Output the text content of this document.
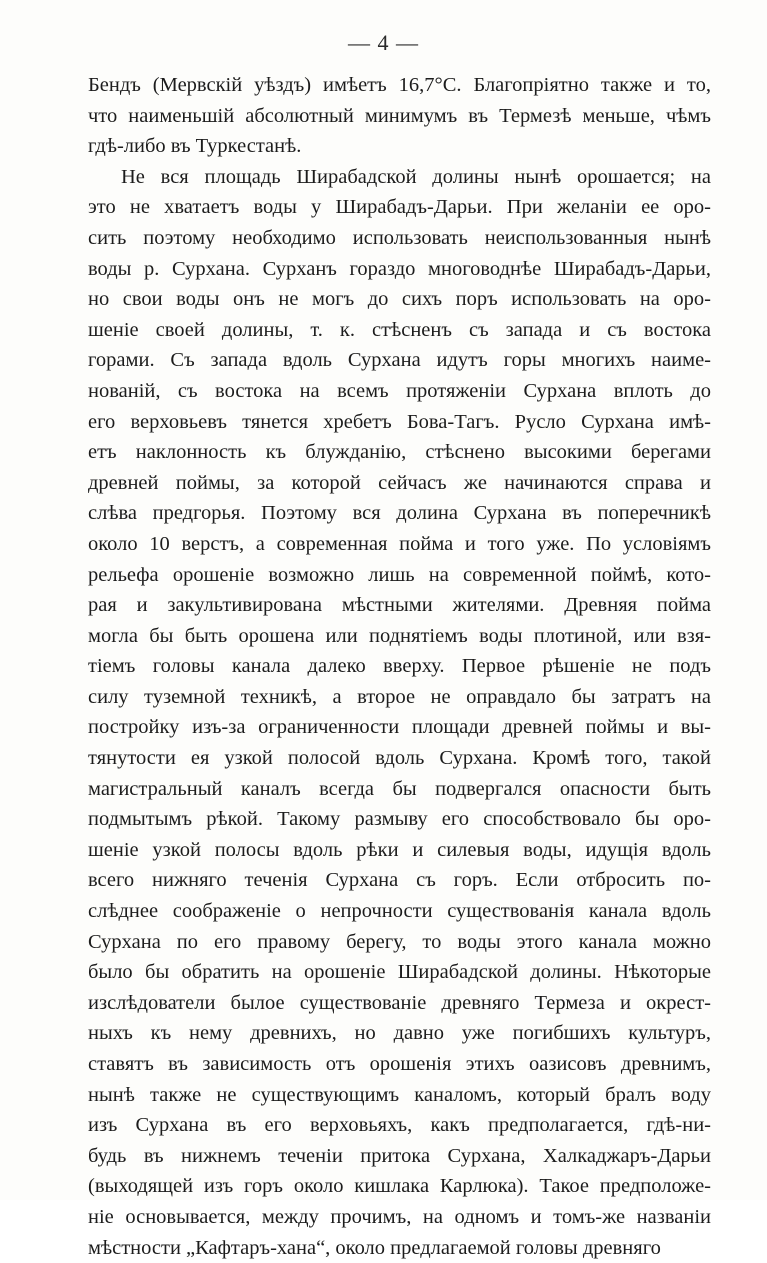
— 4 —
Бендъ (Мервскій уѣздъ) имѣетъ 16,7°С. Благопріятно также и то,
что наименьшій абсолютный минимумъ въ Термезѣ меньше, чѣмъ
гдѣ-либо въ Туркестанѣ.
Не вся площадь Ширабадской долины нынѣ орошается; на
это не хватаетъ воды у Ширабадъ-Дарьи. При желаніи ее оро-
сить поэтому необходимо использовать неиспользованныя нынѣ
воды р. Сурхана. Сурханъ гораздо многоводнѣе Ширабадъ-Дарьи,
но свои воды онъ не могъ до сихъ поръ использовать на оро-
шеніе своей долины, т. к. стѣсненъ съ запада и съ востока
горами. Съ запада вдоль Сурхана идутъ горы многихъ наиме-
нованій, съ востока на всемъ протяженіи Сурхана вплоть до
его верховьевъ тянется хребетъ Бова-Тагъ. Русло Сурхана имѣ-
етъ наклонность къ блужданію, стѣснено высокими берегами
древней поймы, за которой сейчасъ же начинаются справа и
слѣва предгорья. Поэтому вся долина Сурхана въ поперечникѣ
около 10 верстъ, а современная пойма и того уже. По условіямъ
рельефа орошеніе возможно лишь на современной поймѣ, кото-
рая и закультивирована мѣстными жителями. Древняя пойма
могла бы быть орошена или поднятіемъ воды плотиной, или взя-
тіемъ головы канала далеко вверху. Первое рѣшеніе не подъ
силу туземной техникѣ, а второе не оправдало бы затратъ на
постройку изъ-за ограниченности площади древней поймы и вы-
тянутости ея узкой полосой вдоль Сурхана. Кромѣ того, такой
магистральный каналъ всегда бы подвергался опасности быть
подмытымъ рѣкой. Такому размыву его способствовало бы оро-
шеніе узкой полосы вдоль рѣки и силевыя воды, идущія вдоль
всего нижняго теченія Сурхана съ горъ. Если отбросить по-
слѣднее соображеніе о непрочности существованія канала вдоль
Сурхана по его правому берегу, то воды этого канала можно
было бы обратить на орошеніе Ширабадской долины. Нѣкоторые
изслѣдователи былое существованіе древняго Термеза и окрест-
ныхъ къ нему древнихъ, но давно уже погибшихъ культуръ,
ставятъ въ зависимость отъ орошенія этихъ оазисовъ древнимъ,
нынѣ также не существующимъ каналомъ, который бралъ воду
изъ Сурхана въ его верховьяхъ, какъ предполагается, гдѣ-ни-
будь въ нижнемъ теченіи притока Сурхана, Халкаджаръ-Дарьи
(выходящей изъ горъ около кишлака Карлюка). Такое предположе-
ніе основывается, между прочимъ, на одномъ и томъ-же названіи
мѣстности „Кафтаръ-хана“, около предлагаемой головы древняго
